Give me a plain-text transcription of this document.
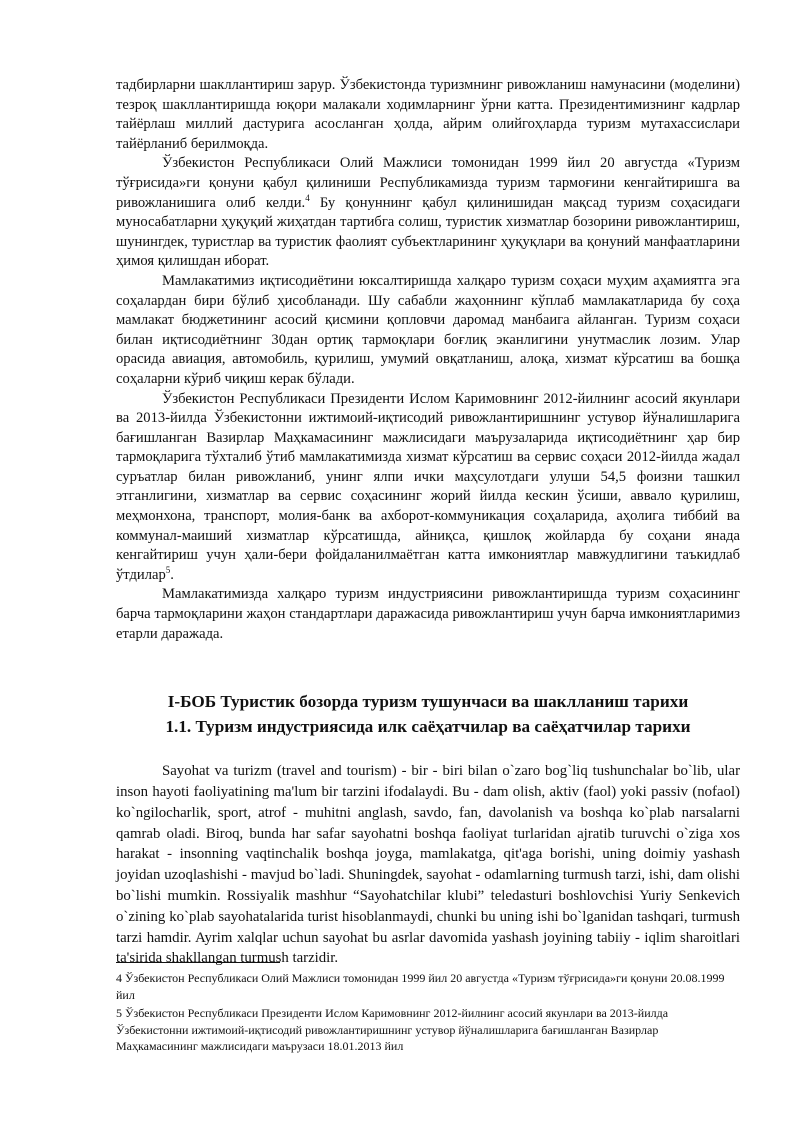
тадбирларни шакллантириш зарур. Ўзбекистонда туризмнинг ривожланиш намунасини (моделини) тезроқ шакллантиришда юқори малакали ходимларнинг ўрни катта. Президентимизнинг кадрлар тайёрлаш миллий дастурига асосланган ҳолда, айрим олийгоҳларда туризм мутахассислари тайёрланиб берилмоқда.

Ўзбекистон Республикаси Олий Мажлиси томонидан 1999 йил 20 августда «Туризм тўғрисида»ги қонуни қабул қилиниши Республикамизда туризм тармоғини кенгайтиришга ва ривожланишига олиб келди.$^4$ Бу қонуннинг қабул қилинишидан мақсад туризм соҳасидаги муносабатларни ҳуқуқий жиҳатдан тартибга солиш, туристик хизматлар бозорини ривожлантириш, шунингдек, туристлар ва туристик фаолият субъектларининг ҳуқуқлари ва қонуний манфаатларини ҳимоя қилишдан иборат.

Мамлакатимиз иқтисодиётини юксалтиришда халқаро туризм соҳаси муҳим аҳамиятга эга соҳалардан бири бўлиб ҳисобланади. Шу сабабли жаҳоннинг кўплаб мамлакатларида бу соҳа мамлакат бюджетининг асосий қисмини қопловчи даромад манбаига айланган. Туризм соҳаси билан иқтисодиётнинг 30дан ортиқ тармоқлари боғлиқ эканлигини унутмаслик лозим. Улар орасида авиация, автомобиль, қурилиш, умумий овқатланиш, алоқа, хизмат кўрсатиш ва бошқа соҳаларни кўриб чиқиш керак бўлади.

Ўзбекистон Республикаси Президенти Ислом Каримовнинг 2012-йилнинг асосий якунлари ва 2013-йилда Ўзбекистонни ижтимоий-иқтисодий ривожлантиришнинг устувор йўналишларига бағишланган Вазирлар Маҳкамасининг мажлисидаги маърузаларида иқтисодиётнинг ҳар бир тармоқларига тўхталиб ўтиб мамлакатимизда хизмат кўрсатиш ва сервис соҳаси 2012-йилда жадал суръатлар билан ривожланиб, унинг ялпи ички маҳсулотдаги улуши 54,5 фоизни ташкил этганлигини, хизматлар ва сервис соҳасининг жорий йилда кескин ўсиши, аввало қурилиш, меҳмонхона, транспорт, молия-банк ва ахборот-коммуникация соҳаларида, аҳолига тиббий ва коммунал-маиший хизматлар кўрсатишда, айниқса, қишлоқ жойларда бу соҳани янада кенгайтириш учун ҳали-бери фойдаланилмаётган катта имкониятлар мавжудлигини таъкидлаб ўтдилар$^5$.

Мамлакатимизда халқаро туризм индустриясини ривожлантиришда туризм соҳасининг барча тармоқларини жаҳон стандартлари даражасида ривожлантириш учун барча имкониятларимиз етарли даражада.

I-БОБ Туристик бозорда туризм тушунчаси ва шаклланиш тарихи

1.1. Туризм индустриясида илк саёҳатчилар ва саёҳатчилар тарихи

Sayohat va turizm (travel and tourism) - bir - biri bilan o`zaro bog`liq tushunchalar bo`lib, ular inson hayoti faoliyatining ma'lum bir tarzini ifodalaydi. Bu - dam olish, aktiv (faol) yoki passiv (nofaol) ko`ngilocharlik, sport, atrof - muhitni anglash, savdo, fan, davolanish va boshqa ko`plab narsalarni qamrab oladi. Biroq, bunda har safar sayohatni boshqa faoliyat turlaridan ajratib turuvchi o`ziga xos harakat - insonning vaqtinchalik boshqa joyga, mamlakatga, qit'aga borishi, uning doimiy yashash joyidan uzoqlashishi - mavjud bo`ladi. Shuningdek, sayohat - odamlarning turmush tarzi, ishi, dam olishi bo`lishi mumkin. Rossiyalik mashhur “Sayohatchilar klubi” teledasturi boshlovchisi Yuriy Senkevich o`zining ko`plab sayohatalarida turist hisoblanmaydi, chunki bu uning ishi bo`lganidan tashqari, turmush tarzi hamdir. Ayrim xalqlar uchun sayohat bu asrlar davomida yashash joyining tabiiy - iqlim sharoitlari ta'sirida shakllangan turmush tarzidir.

4 Ўзбекистон Республикаси Олий Мажлиси томонидан 1999 йил 20 августда «Туризм тўғрисида»ги қонуни 20.08.1999 йил

5 Ўзбекистон Республикаси Президенти Ислом Каримовнинг 2012-йилнинг асосий якунлари ва 2013-йилда Ўзбекистонни ижтимоий-иқтисодий ривожлантиришнинг устувор йўналишларига бағишланган Вазирлар Маҳкамасининг мажлисидаги маърузаси 18.01.2013 йил
